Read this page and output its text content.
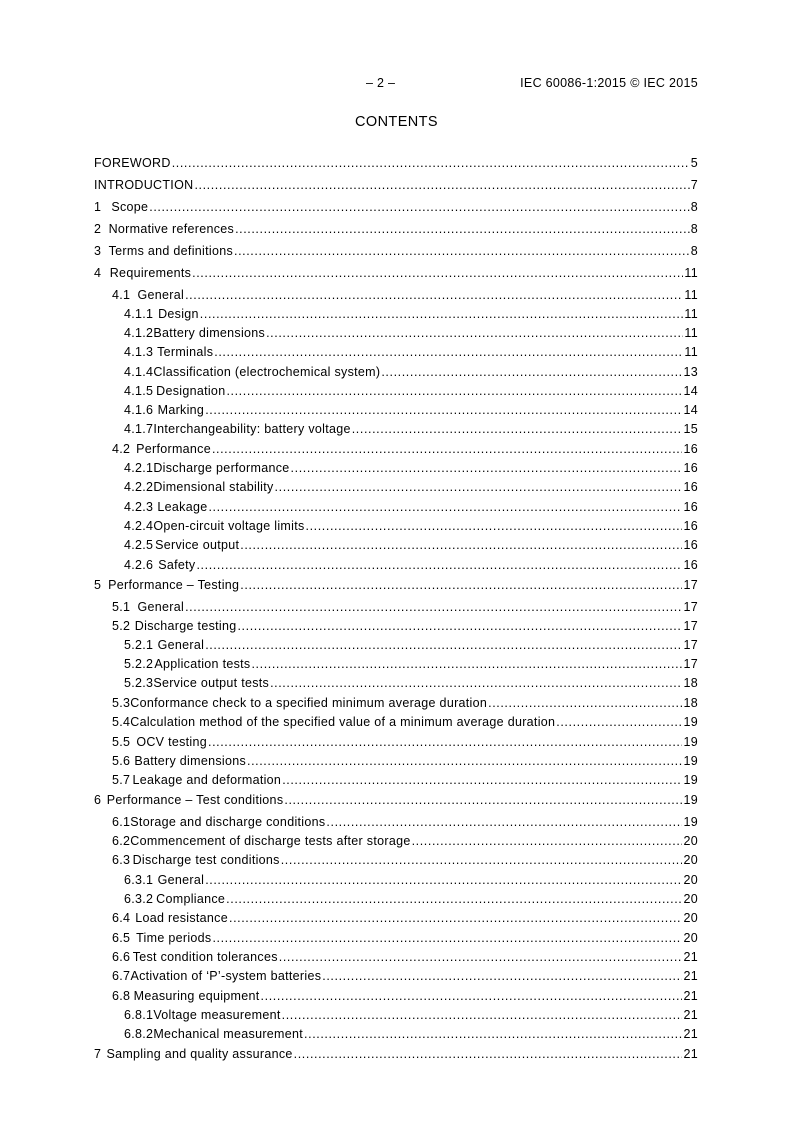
– 2 –	IEC 60086-1:2015 © IEC 2015
CONTENTS
FOREWORD .....	5
INTRODUCTION .....	7
1 Scope .....	8
2 Normative references .....	8
3 Terms and definitions .....	8
4 Requirements .....	11
4.1 General .....	11
4.1.1 Design .....	11
4.1.2 Battery dimensions .....	11
4.1.3 Terminals .....	11
4.1.4 Classification (electrochemical system) .....	13
4.1.5 Designation .....	14
4.1.6 Marking .....	14
4.1.7 Interchangeability: battery voltage .....	15
4.2 Performance .....	16
4.2.1 Discharge performance .....	16
4.2.2 Dimensional stability .....	16
4.2.3 Leakage .....	16
4.2.4 Open-circuit voltage limits .....	16
4.2.5 Service output .....	16
4.2.6 Safety .....	16
5 Performance – Testing .....	17
5.1 General .....	17
5.2 Discharge testing .....	17
5.2.1 General .....	17
5.2.2 Application tests .....	17
5.2.3 Service output tests .....	18
5.3 Conformance check to a specified minimum average duration .....	18
5.4 Calculation method of the specified value of a minimum average duration .....	19
5.5 OCV testing .....	19
5.6 Battery dimensions .....	19
5.7 Leakage and deformation .....	19
6 Performance – Test conditions .....	19
6.1 Storage and discharge conditions .....	19
6.2 Commencement of discharge tests after storage .....	20
6.3 Discharge test conditions .....	20
6.3.1 General .....	20
6.3.2 Compliance .....	20
6.4 Load resistance .....	20
6.5 Time periods .....	20
6.6 Test condition tolerances .....	21
6.7 Activation of ‘P’-system batteries .....	21
6.8 Measuring equipment .....	21
6.8.1 Voltage measurement .....	21
6.8.2 Mechanical measurement .....	21
7 Sampling and quality assurance .....	21
